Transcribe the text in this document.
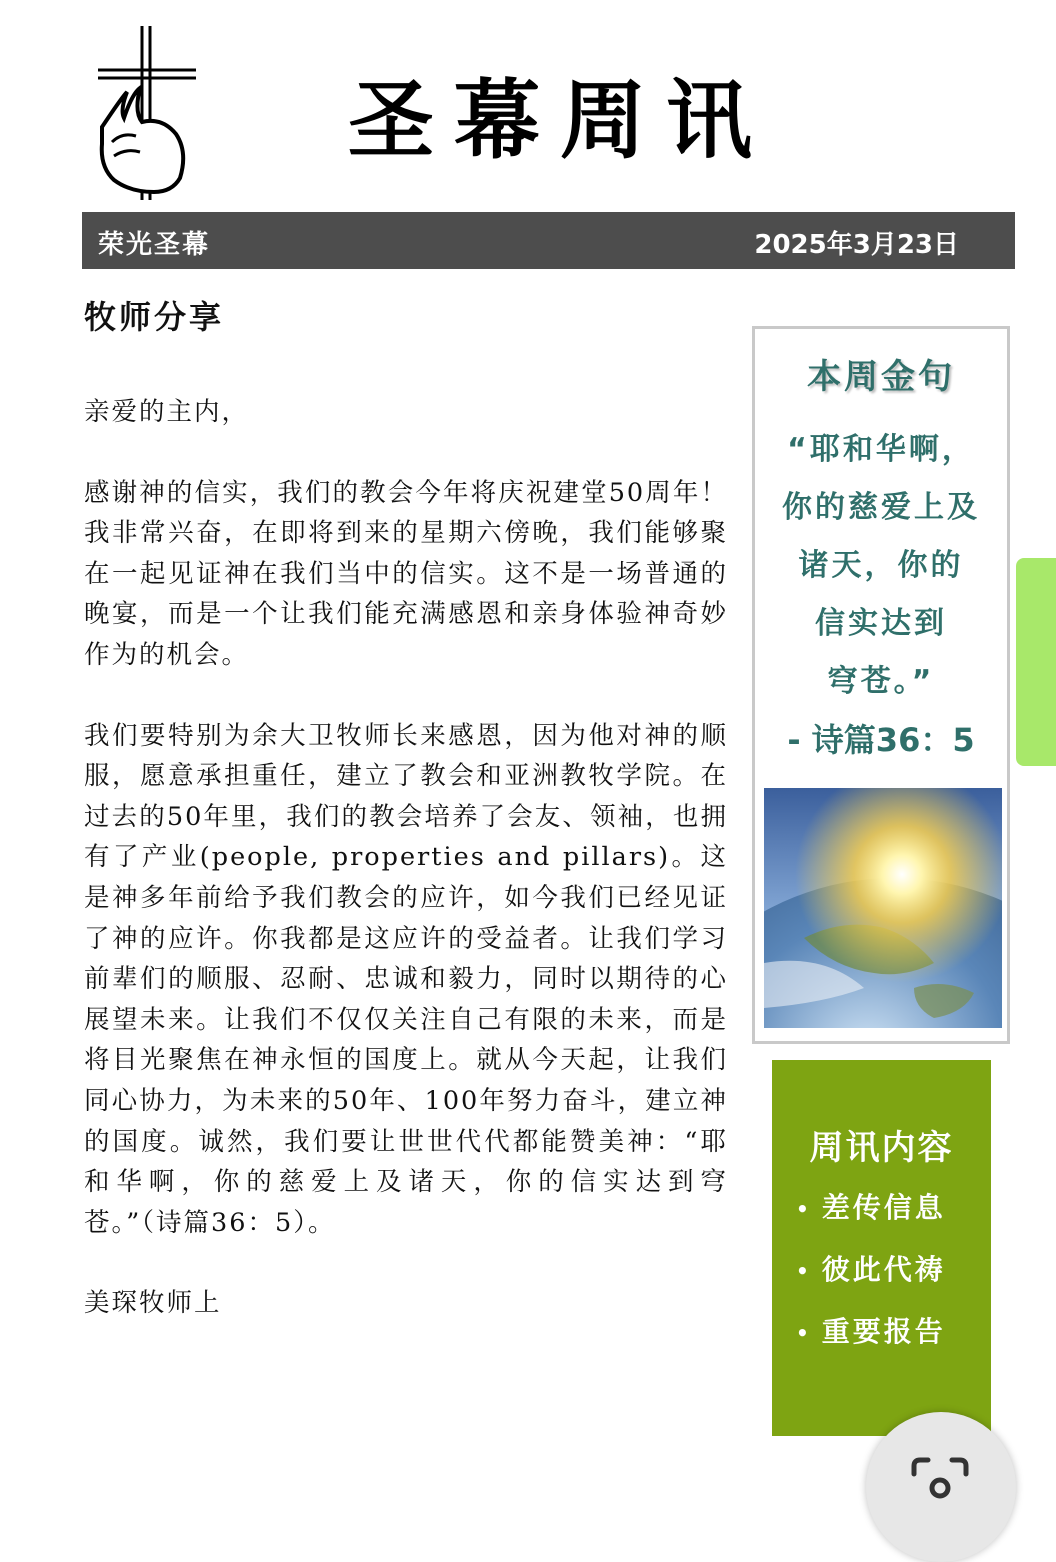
圣幕周讯
荣光圣幕	2025年3月23日
牧师分享

亲爱的主内，

感谢神的信实，我们的教会今年将庆祝建堂50周年！我非常兴奋，在即将到来的星期六傍晚，我们能够聚在一起见证神在我们当中的信实。这不是一场普通的晚宴，而是一个让我们能充满感恩和亲身体验神奇妙作为的机会。

我们要特别为余大卫牧师长来感恩，因为他对神的顺服，愿意承担重任，建立了教会和亚洲教牧学院。在过去的50年里，我们的教会培养了会友、领袖，也拥有了产业(people, properties and pillars)。这是神多年前给予我们教会的应许，如今我们已经见证了神的应许。你我都是这应许的受益者。让我们学习前辈们的顺服、忍耐、忠诚和毅力，同时以期待的心展望未来。让我们不仅仅关注自己有限的未来，而是将目光聚焦在神永恒的国度上。就从今天起，让我们同心协力，为未来的50年、100年努力奋斗，建立神的国度。诚然，我们要让世世代代都能赞美神：“耶和华啊，你的慈爱上及诸天，你的信实达到穹苍。”（诗篇36：5）。

美琛牧师上

本周金句
“耶和华啊，
你的慈爱上及
诸天，你的
信实达到
穹苍。”
- 诗篇36：5
周讯内容
• 差传信息
• 彼此代祷
• 重要报告
